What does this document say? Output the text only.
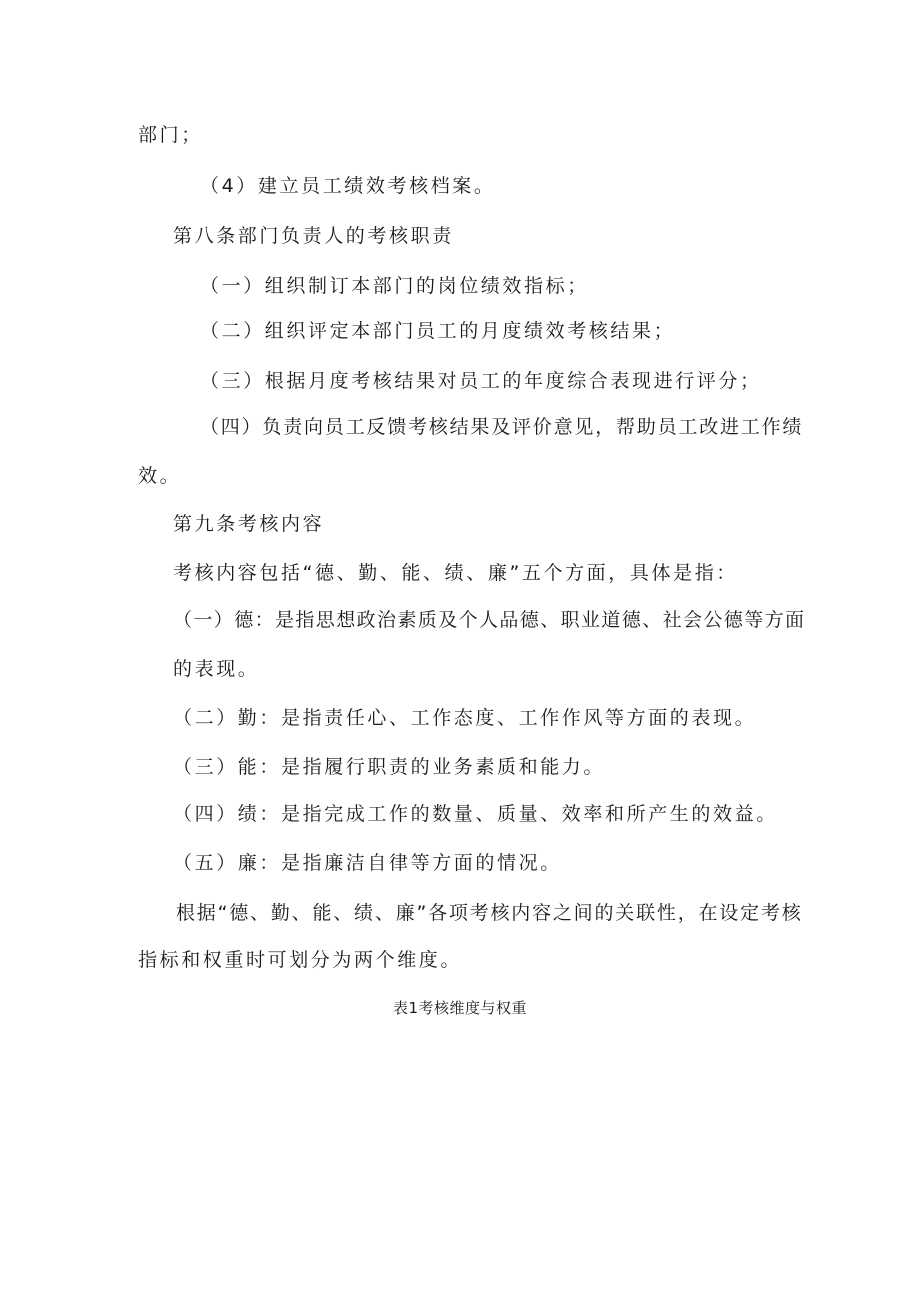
部门；
（4）建立员工绩效考核档案。
第八条部门负责人的考核职责
（一）组织制订本部门的岗位绩效指标；
（二）组织评定本部门员工的月度绩效考核结果；
（三）根据月度考核结果对员工的年度综合表现进行评分；
（四）负责向员工反馈考核结果及评价意见，帮助员工改进工作绩
效。
第九条考核内容
考核内容包括“德、勤、能、绩、廉”五个方面，具体是指：
（一）德：是指思想政治素质及个人品德、职业道德、社会公德等方面
的表现。
（二）勤：是指责任心、工作态度、工作作风等方面的表现。
（三）能：是指履行职责的业务素质和能力。
（四）绩：是指完成工作的数量、质量、效率和所产生的效益。
（五）廉：是指廉洁自律等方面的情况。
根据“德、勤、能、绩、廉”各项考核内容之间的关联性，在设定考核
指标和权重时可划分为两个维度。
表1考核维度与权重
